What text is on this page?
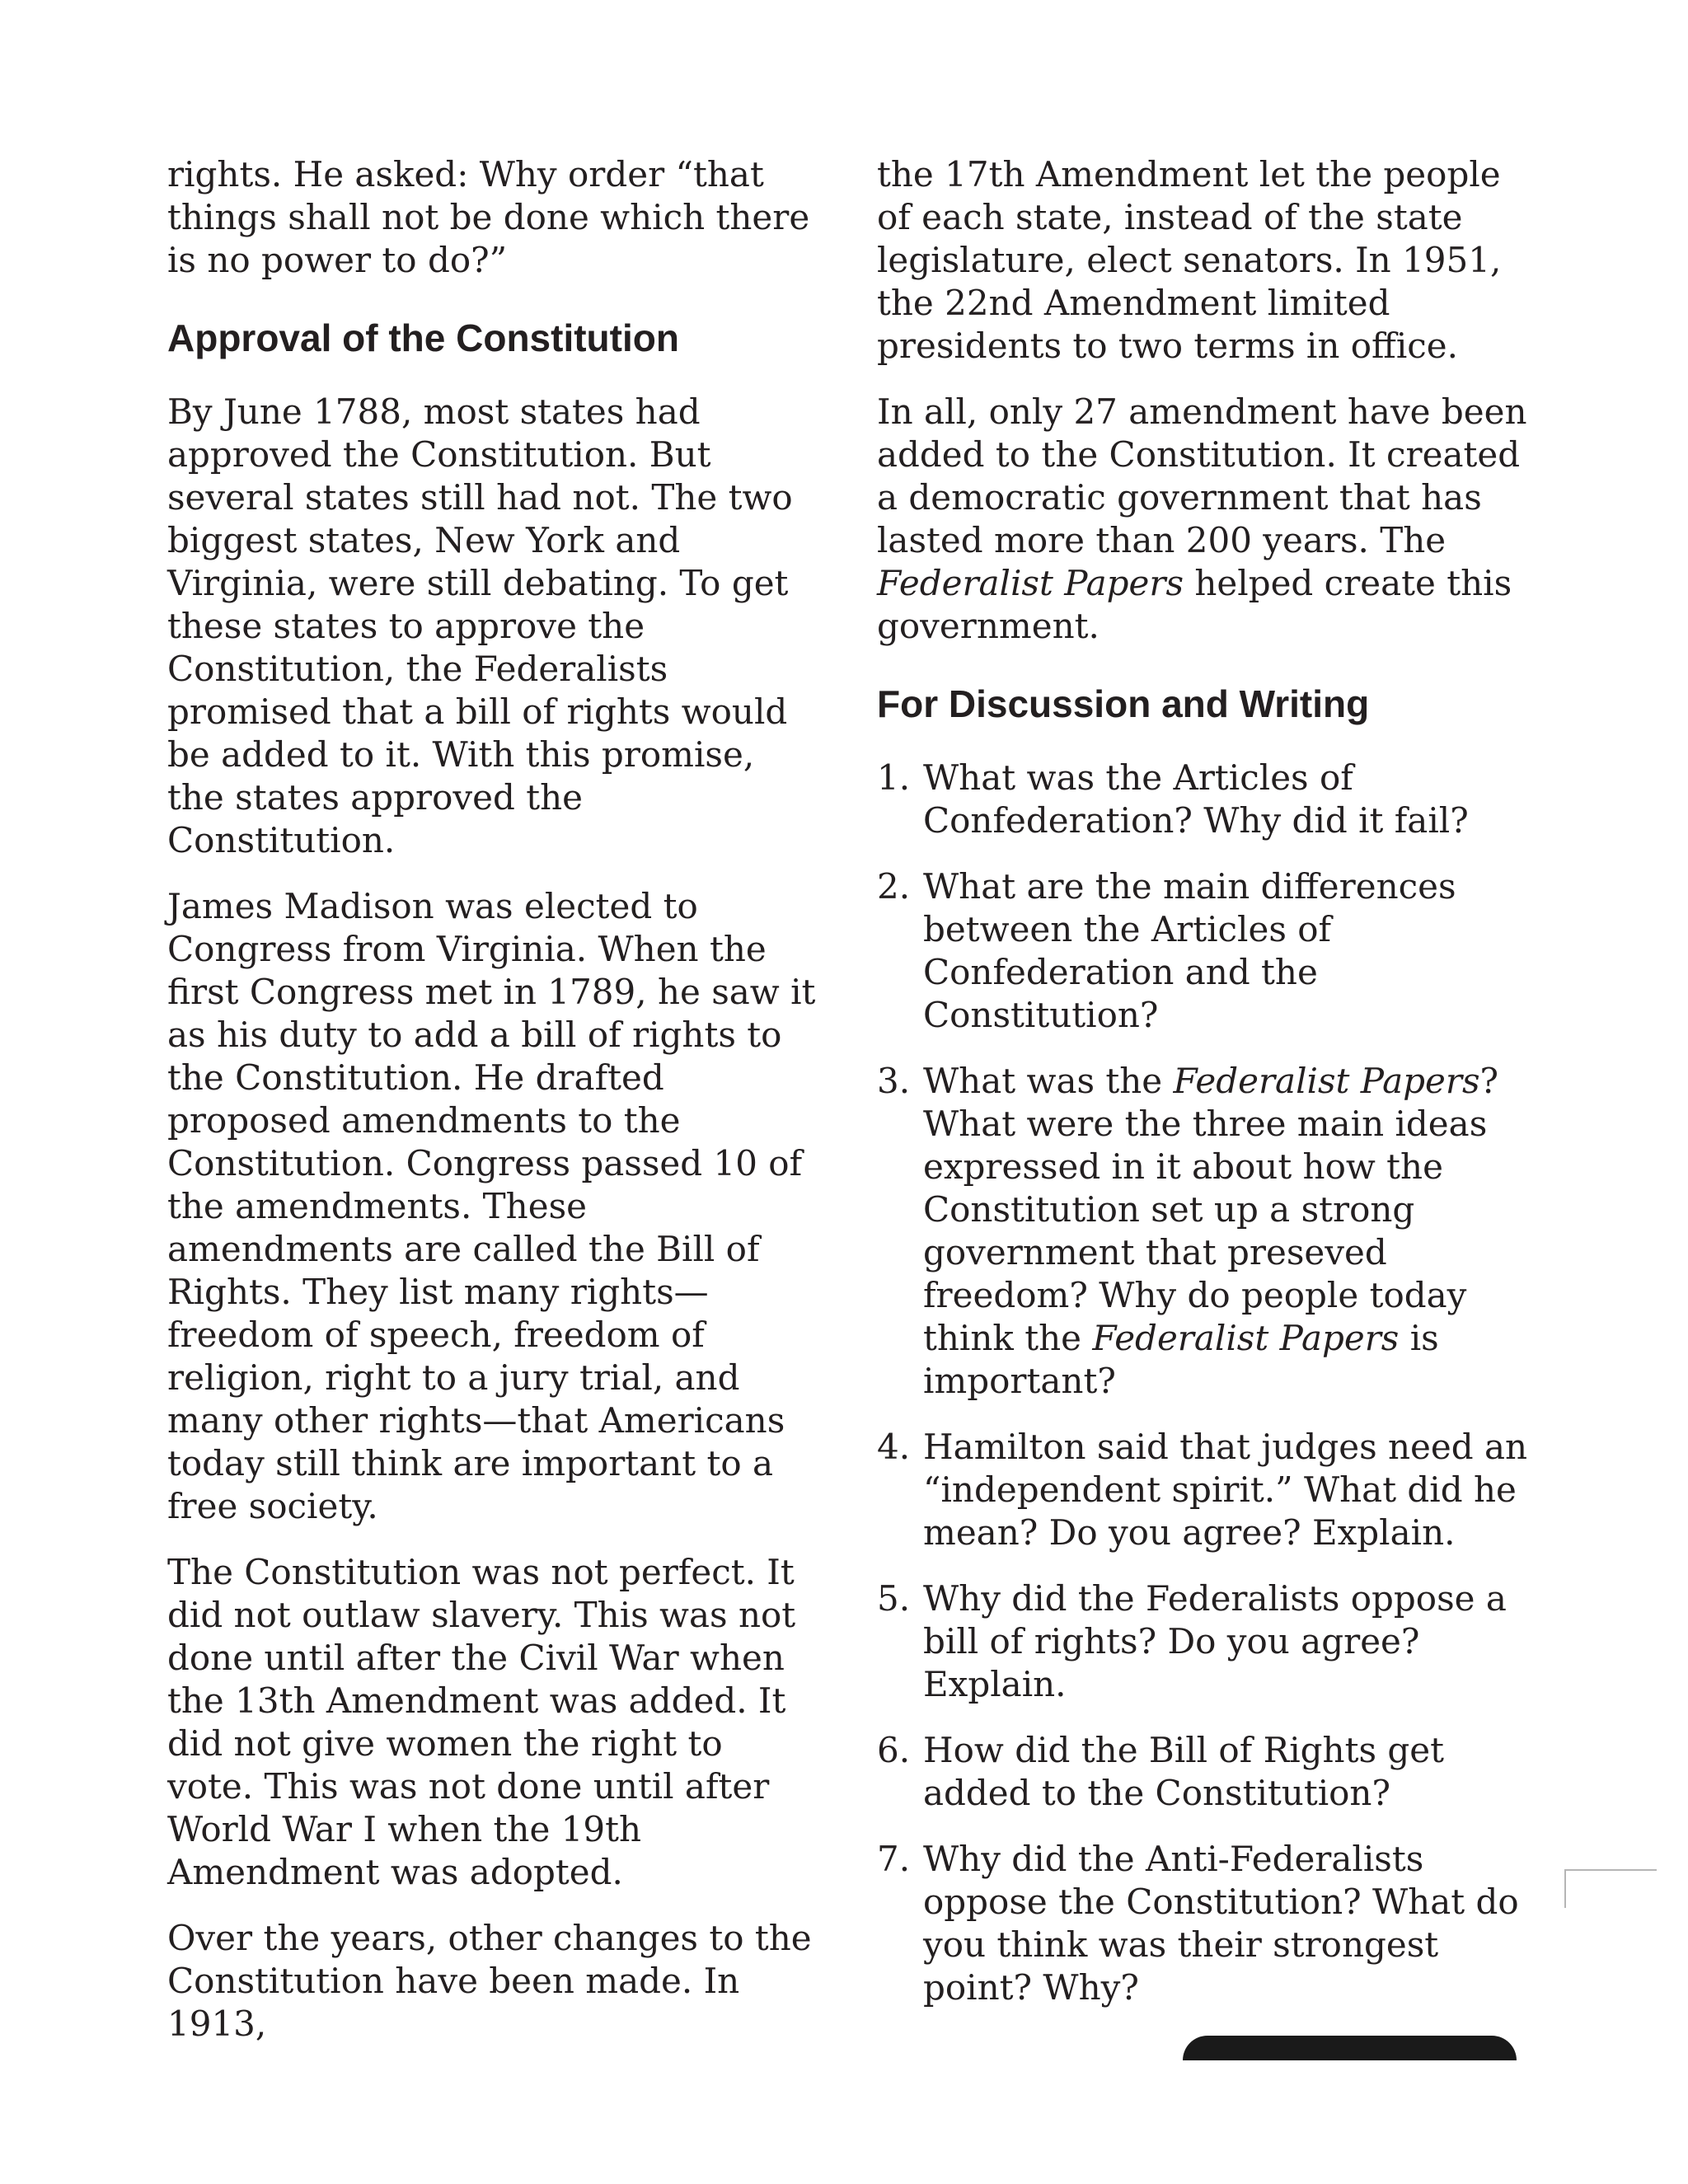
rights. He asked: Why order “that things shall not be done which there is no power to do?”

Approval of the Constitution

By June 1788, most states had approved the Constitution. But several states still had not. The two biggest states, New York and Virginia, were still debating. To get these states to approve the Constitution, the Federalists promised that a bill of rights would be added to it. With this promise, the states approved the Constitution.

James Madison was elected to Congress from Virginia. When the first Congress met in 1789, he saw it as his duty to add a bill of rights to the Constitution. He drafted proposed amendments to the Constitution. Congress passed 10 of the amendments. These amendments are called the Bill of Rights. They list many rights—freedom of speech, freedom of religion, right to a jury trial, and many other rights—that Americans today still think are important to a free society.

The Constitution was not perfect. It did not outlaw slavery. This was not done until after the Civil War when the 13th Amendment was added. It did not give women the right to vote. This was not done until after World War I when the 19th Amendment was adopted.

Over the years, other changes to the Constitution have been made. In 1913,

the 17th Amendment let the people of each state, instead of the state legislature, elect senators. In 1951, the 22nd Amendment limited presidents to two terms in office.

In all, only 27 amendment have been added to the Constitution. It created a democratic government that has lasted more than 200 years. The Federalist Papers helped create this government.

For Discussion and Writing
1. What was the Articles of Confederation? Why did it fail?
2. What are the main differences between the Articles of Confederation and the Constitution?
3. What was the Federalist Papers? What were the three main ideas expressed in it about how the Constitution set up a strong government that preseved freedom? Why do people today think the Federalist Papers is important?
4. Hamilton said that judges need an “independent spirit.” What did he mean? Do you agree? Explain.
5. Why did the Federalists oppose a bill of rights? Do you agree? Explain.
6. How did the Bill of Rights get added to the Constitution?
7. Why did the Anti-Federalists oppose the Constitution? What do you think was their strongest point? Why?
